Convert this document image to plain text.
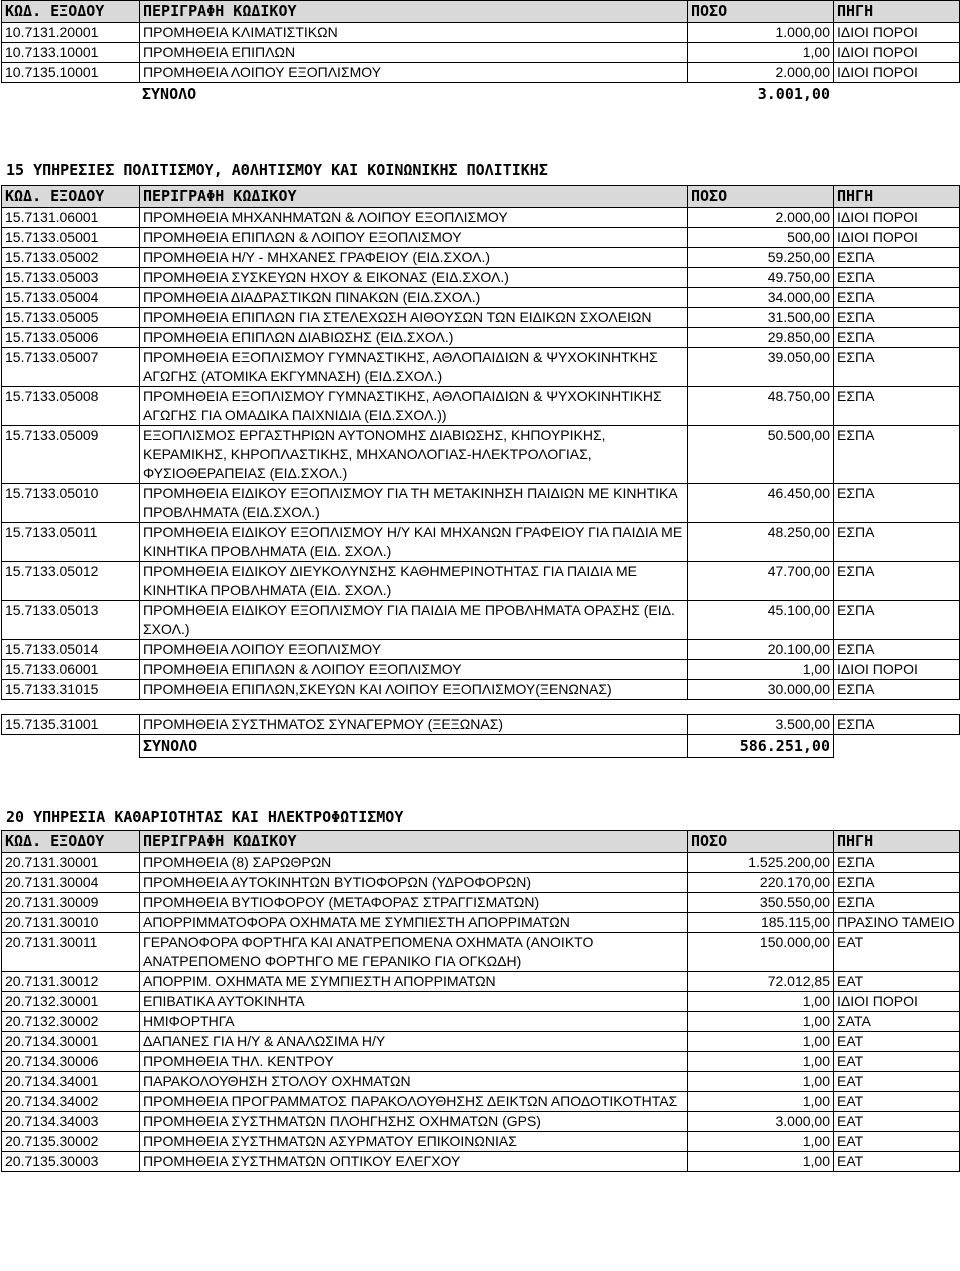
ΚΩΔ. ΕΞΟΔΟΥ	ΠΕΡΙΓΡΑΦΗ ΚΩΔΙΚΟΥ	ΠΟΣΟ	ΠΗΓΗ
10.7131.20001	ΠΡΟΜΗΘΕΙΑ ΚΛΙΜΑΤΙΣΤΙΚΩΝ	1.000,00	ΙΔΙΟΙ ΠΟΡΟΙ
10.7133.10001	ΠΡΟΜΗΘΕΙΑ ΕΠΙΠΛΩΝ	1,00	ΙΔΙΟΙ ΠΟΡΟΙ
10.7135.10001	ΠΡΟΜΗΘΕΙΑ ΛΟΙΠΟΥ ΕΞΟΠΛΙΣΜΟΥ	2.000,00	ΙΔΙΟΙ ΠΟΡΟΙ
	ΣΥΝΟΛΟ	3.001,00	
15 ΥΠΗΡΕΣΙΕΣ ΠΟΛΙΤΙΣΜΟΥ, ΑΘΛΗΤΙΣΜΟΥ ΚΑΙ ΚΟΙΝΩΝΙΚΗΣ ΠΟΛΙΤΙΚΗΣ
ΚΩΔ. ΕΞΟΔΟΥ	ΠΕΡΙΓΡΑΦΗ ΚΩΔΙΚΟΥ	ΠΟΣΟ	ΠΗΓΗ
15.7131.06001	ΠΡΟΜΗΘΕΙΑ ΜΗΧΑΝΗΜΑΤΩΝ & ΛΟΙΠΟΥ ΕΞΟΠΛΙΣΜΟΥ	2.000,00	ΙΔΙΟΙ ΠΟΡΟΙ
15.7133.05001	ΠΡΟΜΗΘΕΙΑ ΕΠΙΠΛΩΝ & ΛΟΙΠΟΥ ΕΞΟΠΛΙΣΜΟΥ	500,00	ΙΔΙΟΙ ΠΟΡΟΙ
15.7133.05002	ΠΡΟΜΗΘΕΙΑ Η/Υ - ΜΗΧΑΝΕΣ ΓΡΑΦΕΙΟΥ (ΕΙΔ.ΣΧΟΛ.)	59.250,00	ΕΣΠΑ
15.7133.05003	ΠΡΟΜΗΘΕΙΑ ΣΥΣΚΕΥΩΝ ΗΧΟΥ & ΕΙΚΟΝΑΣ (ΕΙΔ.ΣΧΟΛ.)	49.750,00	ΕΣΠΑ
15.7133.05004	ΠΡΟΜΗΘΕΙΑ ΔΙΑΔΡΑΣΤΙΚΩΝ ΠΙΝΑΚΩΝ (ΕΙΔ.ΣΧΟΛ.)	34.000,00	ΕΣΠΑ
15.7133.05005	ΠΡΟΜΗΘΕΙΑ ΕΠΙΠΛΩΝ ΓΙΑ ΣΤΕΛΕΧΩΣΗ ΑΙΘΟΥΣΩΝ ΤΩΝ ΕΙΔΙΚΩΝ ΣΧΟΛΕΙΩΝ	31.500,00	ΕΣΠΑ
15.7133.05006	ΠΡΟΜΗΘΕΙΑ ΕΠΙΠΛΩΝ ΔΙΑΒΙΩΣΗΣ (ΕΙΔ.ΣΧΟΛ.)	29.850,00	ΕΣΠΑ
15.7133.05007	ΠΡΟΜΗΘΕΙΑ ΕΞΟΠΛΙΣΜΟΥ ΓΥΜΝΑΣΤΙΚΗΣ, ΑΘΛΟΠΑΙΔΙΩΝ & ΨΥΧΟΚΙΝΗΤΚΗΣ ΑΓΩΓΗΣ (ΑΤΟΜΙΚΑ ΕΚΓΥΜΝΑΣΗ) (ΕΙΔ.ΣΧΟΛ.)	39.050,00	ΕΣΠΑ
15.7133.05008	ΠΡΟΜΗΘΕΙΑ ΕΞΟΠΛΙΣΜΟΥ ΓΥΜΝΑΣΤΙΚΗΣ, ΑΘΛΟΠΑΙΔΙΩΝ & ΨΥΧΟΚΙΝΗΤΙΚΗΣ ΑΓΩΓΗΣ ΓΙΑ ΟΜΑΔΙΚΑ ΠΑΙΧΝΙΔΙΑ (ΕΙΔ.ΣΧΟΛ.))	48.750,00	ΕΣΠΑ
15.7133.05009	ΕΞΟΠΛΙΣΜΟΣ ΕΡΓΑΣΤΗΡΙΩΝ ΑΥΤΟΝΟΜΗΣ ΔΙΑΒΙΩΣΗΣ, ΚΗΠΟΥΡΙΚΗΣ, ΚΕΡΑΜΙΚΗΣ, ΚΗΡΟΠΛΑΣΤΙΚΗΣ, ΜΗΧΑΝΟΛΟΓΙΑΣ-ΗΛΕΚΤΡΟΛΟΓΙΑΣ, ΦΥΣΙΟΘΕΡΑΠΕΙΑΣ (ΕΙΔ.ΣΧΟΛ.)	50.500,00	ΕΣΠΑ
15.7133.05010	ΠΡΟΜΗΘΕΙΑ ΕΙΔΙΚΟΥ ΕΞΟΠΛΙΣΜΟΥ ΓΙΑ ΤΗ ΜΕΤΑΚΙΝΗΣΗ ΠΑΙΔΙΩΝ ΜΕ ΚΙΝΗΤΙΚΑ ΠΡΟΒΛΗΜΑΤΑ (ΕΙΔ.ΣΧΟΛ.)	46.450,00	ΕΣΠΑ
15.7133.05011	ΠΡΟΜΗΘΕΙΑ ΕΙΔΙΚΟΥ ΕΞΟΠΛΙΣΜΟΥ Η/Υ ΚΑΙ ΜΗΧΑΝΩΝ ΓΡΑΦΕΙΟΥ ΓΙΑ ΠΑΙΔΙΑ ΜΕ ΚΙΝΗΤΙΚΑ ΠΡΟΒΛΗΜΑΤΑ (ΕΙΔ. ΣΧΟΛ.)	48.250,00	ΕΣΠΑ
15.7133.05012	ΠΡΟΜΗΘΕΙΑ ΕΙΔΙΚΟΥ ΔΙΕΥΚΟΛΥΝΣΗΣ ΚΑΘΗΜΕΡΙΝΟΤΗΤΑΣ ΓΙΑ ΠΑΙΔΙΑ ΜΕ ΚΙΝΗΤΙΚΑ ΠΡΟΒΛΗΜΑΤΑ (ΕΙΔ. ΣΧΟΛ.)	47.700,00	ΕΣΠΑ
15.7133.05013	ΠΡΟΜΗΘΕΙΑ ΕΙΔΙΚΟΥ ΕΞΟΠΛΙΣΜΟΥ ΓΙΑ ΠΑΙΔΙΑ ΜΕ ΠΡΟΒΛΗΜΑΤΑ ΟΡΑΣΗΣ (ΕΙΔ. ΣΧΟΛ.)	45.100,00	ΕΣΠΑ
15.7133.05014	ΠΡΟΜΗΘΕΙΑ ΛΟΙΠΟΥ ΕΞΟΠΛΙΣΜΟΥ	20.100,00	ΕΣΠΑ
15.7133.06001	ΠΡΟΜΗΘΕΙΑ ΕΠΙΠΛΩΝ & ΛΟΙΠΟΥ ΕΞΟΠΛΙΣΜΟΥ	1,00	ΙΔΙΟΙ ΠΟΡΟΙ
15.7133.31015	ΠΡΟΜΗΘΕΙΑ ΕΠΙΠΛΩΝ,ΣΚΕΥΩΝ ΚΑΙ ΛΟΙΠΟΥ ΕΞΟΠΛΙΣΜΟΥ(ΞΕΝΩΝΑΣ)	30.000,00	ΕΣΠΑ
15.7135.31001	ΠΡΟΜΗΘΕΙΑ ΣΥΣΤΗΜΑΤΟΣ ΣΥΝΑΓΕΡΜΟΥ (ΞΕΞΩΝΑΣ)	3.500,00	ΕΣΠΑ
	ΣΥΝΟΛΟ	586.251,00	
20 ΥΠΗΡΕΣΙΑ ΚΑΘΑΡΙΟΤΗΤΑΣ ΚΑΙ ΗΛΕΚΤΡΟΦΩΤΙΣΜΟΥ
ΚΩΔ. ΕΞΟΔΟΥ	ΠΕΡΙΓΡΑΦΗ ΚΩΔΙΚΟΥ	ΠΟΣΟ	ΠΗΓΗ
20.7131.30001	ΠΡΟΜΗΘΕΙΑ (8) ΣΑΡΩΘΡΩΝ	1.525.200,00	ΕΣΠΑ
20.7131.30004	ΠΡΟΜΗΘΕΙΑ ΑΥΤΟΚΙΝΗΤΩΝ ΒΥΤΙΟΦΟΡΩΝ (ΥΔΡΟΦΟΡΩΝ)	220.170,00	ΕΣΠΑ
20.7131.30009	ΠΡΟΜΗΘΕΙΑ ΒΥΤΙΟΦΟΡΟΥ (ΜΕΤΑΦΟΡΑΣ ΣΤΡΑΓΓΙΣΜΑΤΩΝ)	350.550,00	ΕΣΠΑ
20.7131.30010	ΑΠΟΡΡΙΜΜΑΤΟΦΟΡΑ ΟΧΗΜΑΤΑ ΜΕ ΣΥΜΠΙΕΣΤΗ ΑΠΟΡΡΙΜΑΤΩΝ	185.115,00	ΠΡΑΣΙΝΟ ΤΑΜΕΙΟ
20.7131.30011	ΓΕΡΑΝΟΦΟΡΑ ΦΟΡΤΗΓΑ ΚΑΙ ΑΝΑΤΡΕΠΟΜΕΝΑ ΟΧΗΜΑΤΑ (ΑΝΟΙΚΤΟ ΑΝΑΤΡΕΠΟΜΕΝΟ ΦΟΡΤΗΓΟ ΜΕ ΓΕΡΑΝΙΚΟ ΓΙΑ ΟΓΚΩΔΗ)	150.000,00	ΕΑΤ
20.7131.30012	ΑΠΟΡΡΙΜ. ΟΧΗΜΑΤΑ ΜΕ ΣΥΜΠΙΕΣΤΗ ΑΠΟΡΡΙΜΑΤΩΝ	72.012,85	ΕΑΤ
20.7132.30001	ΕΠΙΒΑΤΙΚΑ ΑΥΤΟΚΙΝΗΤΑ	1,00	ΙΔΙΟΙ ΠΟΡΟΙ
20.7132.30002	ΗΜΙΦΟΡΤΗΓΑ	1,00	ΣΑΤΑ
20.7134.30001	ΔΑΠΑΝΕΣ ΓΙΑ Η/Υ & ΑΝΑΛΩΣΙΜΑ Η/Υ	1,00	ΕΑΤ
20.7134.30006	ΠΡΟΜΗΘΕΙΑ ΤΗΛ. ΚΕΝΤΡΟΥ	1,00	ΕΑΤ
20.7134.34001	ΠΑΡΑΚΟΛΟΥΘΗΣΗ ΣΤΟΛΟΥ ΟΧΗΜΑΤΩΝ	1,00	ΕΑΤ
20.7134.34002	ΠΡΟΜΗΘΕΙΑ ΠΡΟΓΡΑΜΜΑΤΟΣ ΠΑΡΑΚΟΛΟΥΘΗΣΗΣ ΔΕΙΚΤΩΝ ΑΠΟΔΟΤΙΚΟΤΗΤΑΣ	1,00	ΕΑΤ
20.7134.34003	ΠΡΟΜΗΘΕΙΑ ΣΥΣΤΗΜΑΤΩΝ ΠΛΟΗΓΗΣΗΣ ΟΧΗΜΑΤΩΝ (GPS)	3.000,00	ΕΑΤ
20.7135.30002	ΠΡΟΜΗΘΕΙΑ ΣΥΣΤΗΜΑΤΩΝ ΑΣΥΡΜΑΤΟΥ ΕΠΙΚΟΙΝΩΝΙΑΣ	1,00	ΕΑΤ
20.7135.30003	ΠΡΟΜΗΘΕΙΑ ΣΥΣΤΗΜΑΤΩΝ ΟΠΤΙΚΟΥ ΕΛΕΓΧΟΥ	1,00	ΕΑΤ
